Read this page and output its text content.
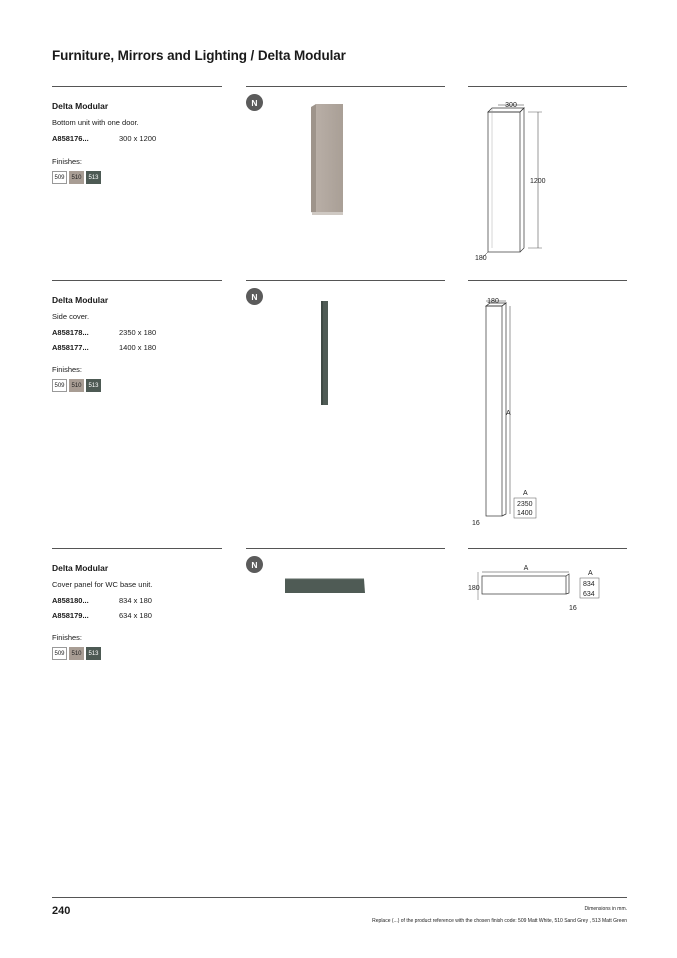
Furniture, Mirrors and Lighting / Delta Modular
Delta Modular
Bottom unit with one door.
A858176...	300 x 1200
Finishes:
509	510	513
N	300
1200
180
Delta Modular
Side cover.
A858178...	2350 x 180
A858177...	1400 x 180
Finishes:
509	510	513
N	180
A
16
A
2350
1400
Delta Modular
Cover panel for WC base unit.
A858180...	834 x 180
A858179...	634 x 180
Finishes:
509	510	513
N	A
180
16
A
834
634
240	Dimensions in mm.
Replace (...) of the product reference with the chosen finish code: 509 Matt White, 510 Sand Grey , 513 Matt Green
